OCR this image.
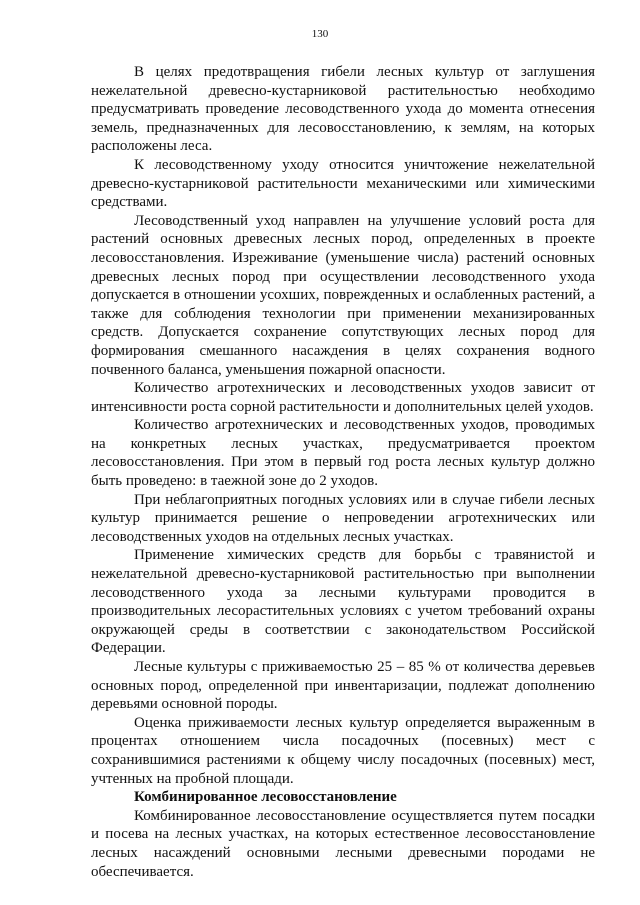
130

В целях предотвращения гибели лесных культур от заглушения нежелательной древесно-кустарниковой растительностью необходимо предусматривать проведение лесоводственного ухода до момента отнесения земель, предназначенных для лесовосстановлению, к землям, на которых расположены леса.

К лесоводственному уходу относится уничтожение нежелательной древесно-кустарниковой растительности механическими или химическими средствами.

Лесоводственный уход направлен на улучшение условий роста для растений основных древесных лесных пород, определенных в проекте лесовосстановления. Изреживание (уменьшение числа) растений основных древесных лесных пород при осуществлении лесоводственного ухода допускается в отношении усохших, поврежденных и ослабленных растений, а также для соблюдения технологии при применении механизированных средств. Допускается сохранение сопутствующих лесных пород для формирования смешанного насаждения в целях сохранения водного почвенного баланса, уменьшения пожарной опасности.

Количество агротехнических и лесоводственных уходов зависит от интенсивности роста сорной растительности и дополнительных целей уходов.

Количество агротехнических и лесоводственных уходов, проводимых на конкретных лесных участках, предусматривается проектом лесовосстановления. При этом в первый год роста лесных культур должно быть проведено: в таежной зоне до 2 уходов.

При неблагоприятных погодных условиях или в случае гибели лесных культур принимается решение о непроведении агротехнических или лесоводственных уходов на отдельных лесных участках.

Применение химических средств для борьбы с травянистой и нежелательной древесно-кустарниковой растительностью при выполнении лесоводственного ухода за лесными культурами проводится в производительных лесорастительных условиях с учетом требований охраны окружающей среды в соответствии с законодательством Российской Федерации.

Лесные культуры с приживаемостью 25 – 85 % от количества деревьев основных пород, определенной при инвентаризации, подлежат дополнению деревьями основной породы.

Оценка приживаемости лесных культур определяется выраженным в процентах отношением числа посадочных (посевных) мест с сохранившимися растениями к общему числу посадочных (посевных) мест, учтенных на пробной площади.

Комбинированное лесовосстановление

Комбинированное лесовосстановление осуществляется путем посадки и посева на лесных участках, на которых естественное лесовосстановление лесных насаждений основными лесными древесными породами не обеспечивается.
